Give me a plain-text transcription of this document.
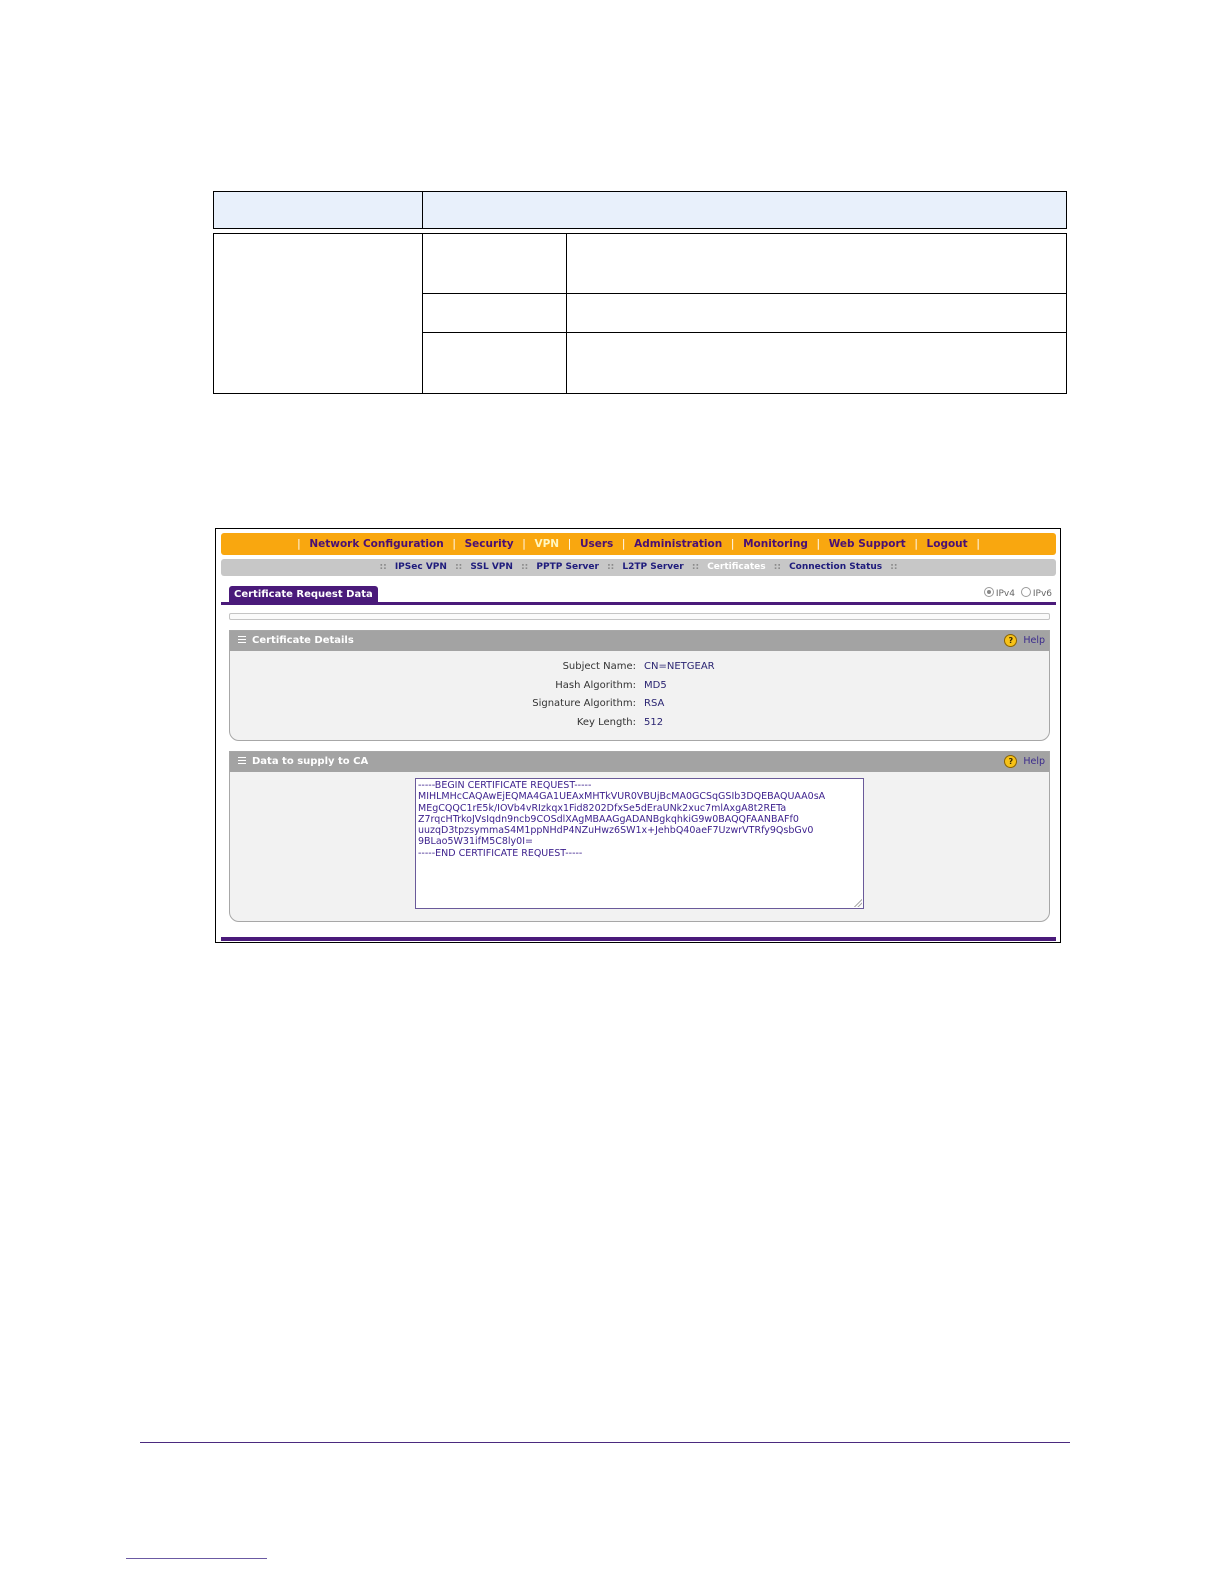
| Network Configuration | Security | VPN | Users | Administration | Monitoring | Web Support | Logout |
:: IPSec VPN :: SSL VPN :: PPTP Server :: L2TP Server :: Certificates :: Connection Status ::
Certificate Request Data	IPv4 IPv6
Certificate Details	? Help
Subject Name: CN=NETGEAR
Hash Algorithm: MD5
Signature Algorithm: RSA
Key Length: 512
Data to supply to CA	? Help
-----BEGIN CERTIFICATE REQUEST----- MIHLMHcCAQAwEjEQMA4GA1UEAxMHTkVUR0VBUjBcMA0GCSqGSIb3DQEBAQUAA0sA MEgCQQC1rE5k/IOVb4vRIzkqx1Fid8202DfxSe5dEraUNk2xuc7mlAxgA8t2RETa Z7rqcHTrkoJVsIqdn9ncb9COSdlXAgMBAAGgADANBgkqhkiG9w0BAQQFAANBAFf0 uuzqD3tpzsymmaS4M1ppNHdP4NZuHwz6SW1x+JehbQ40aeF7UzwrVTRfy9QsbGv0 9BLao5W31ifM5C8ly0I= -----END CERTIFICATE REQUEST-----
